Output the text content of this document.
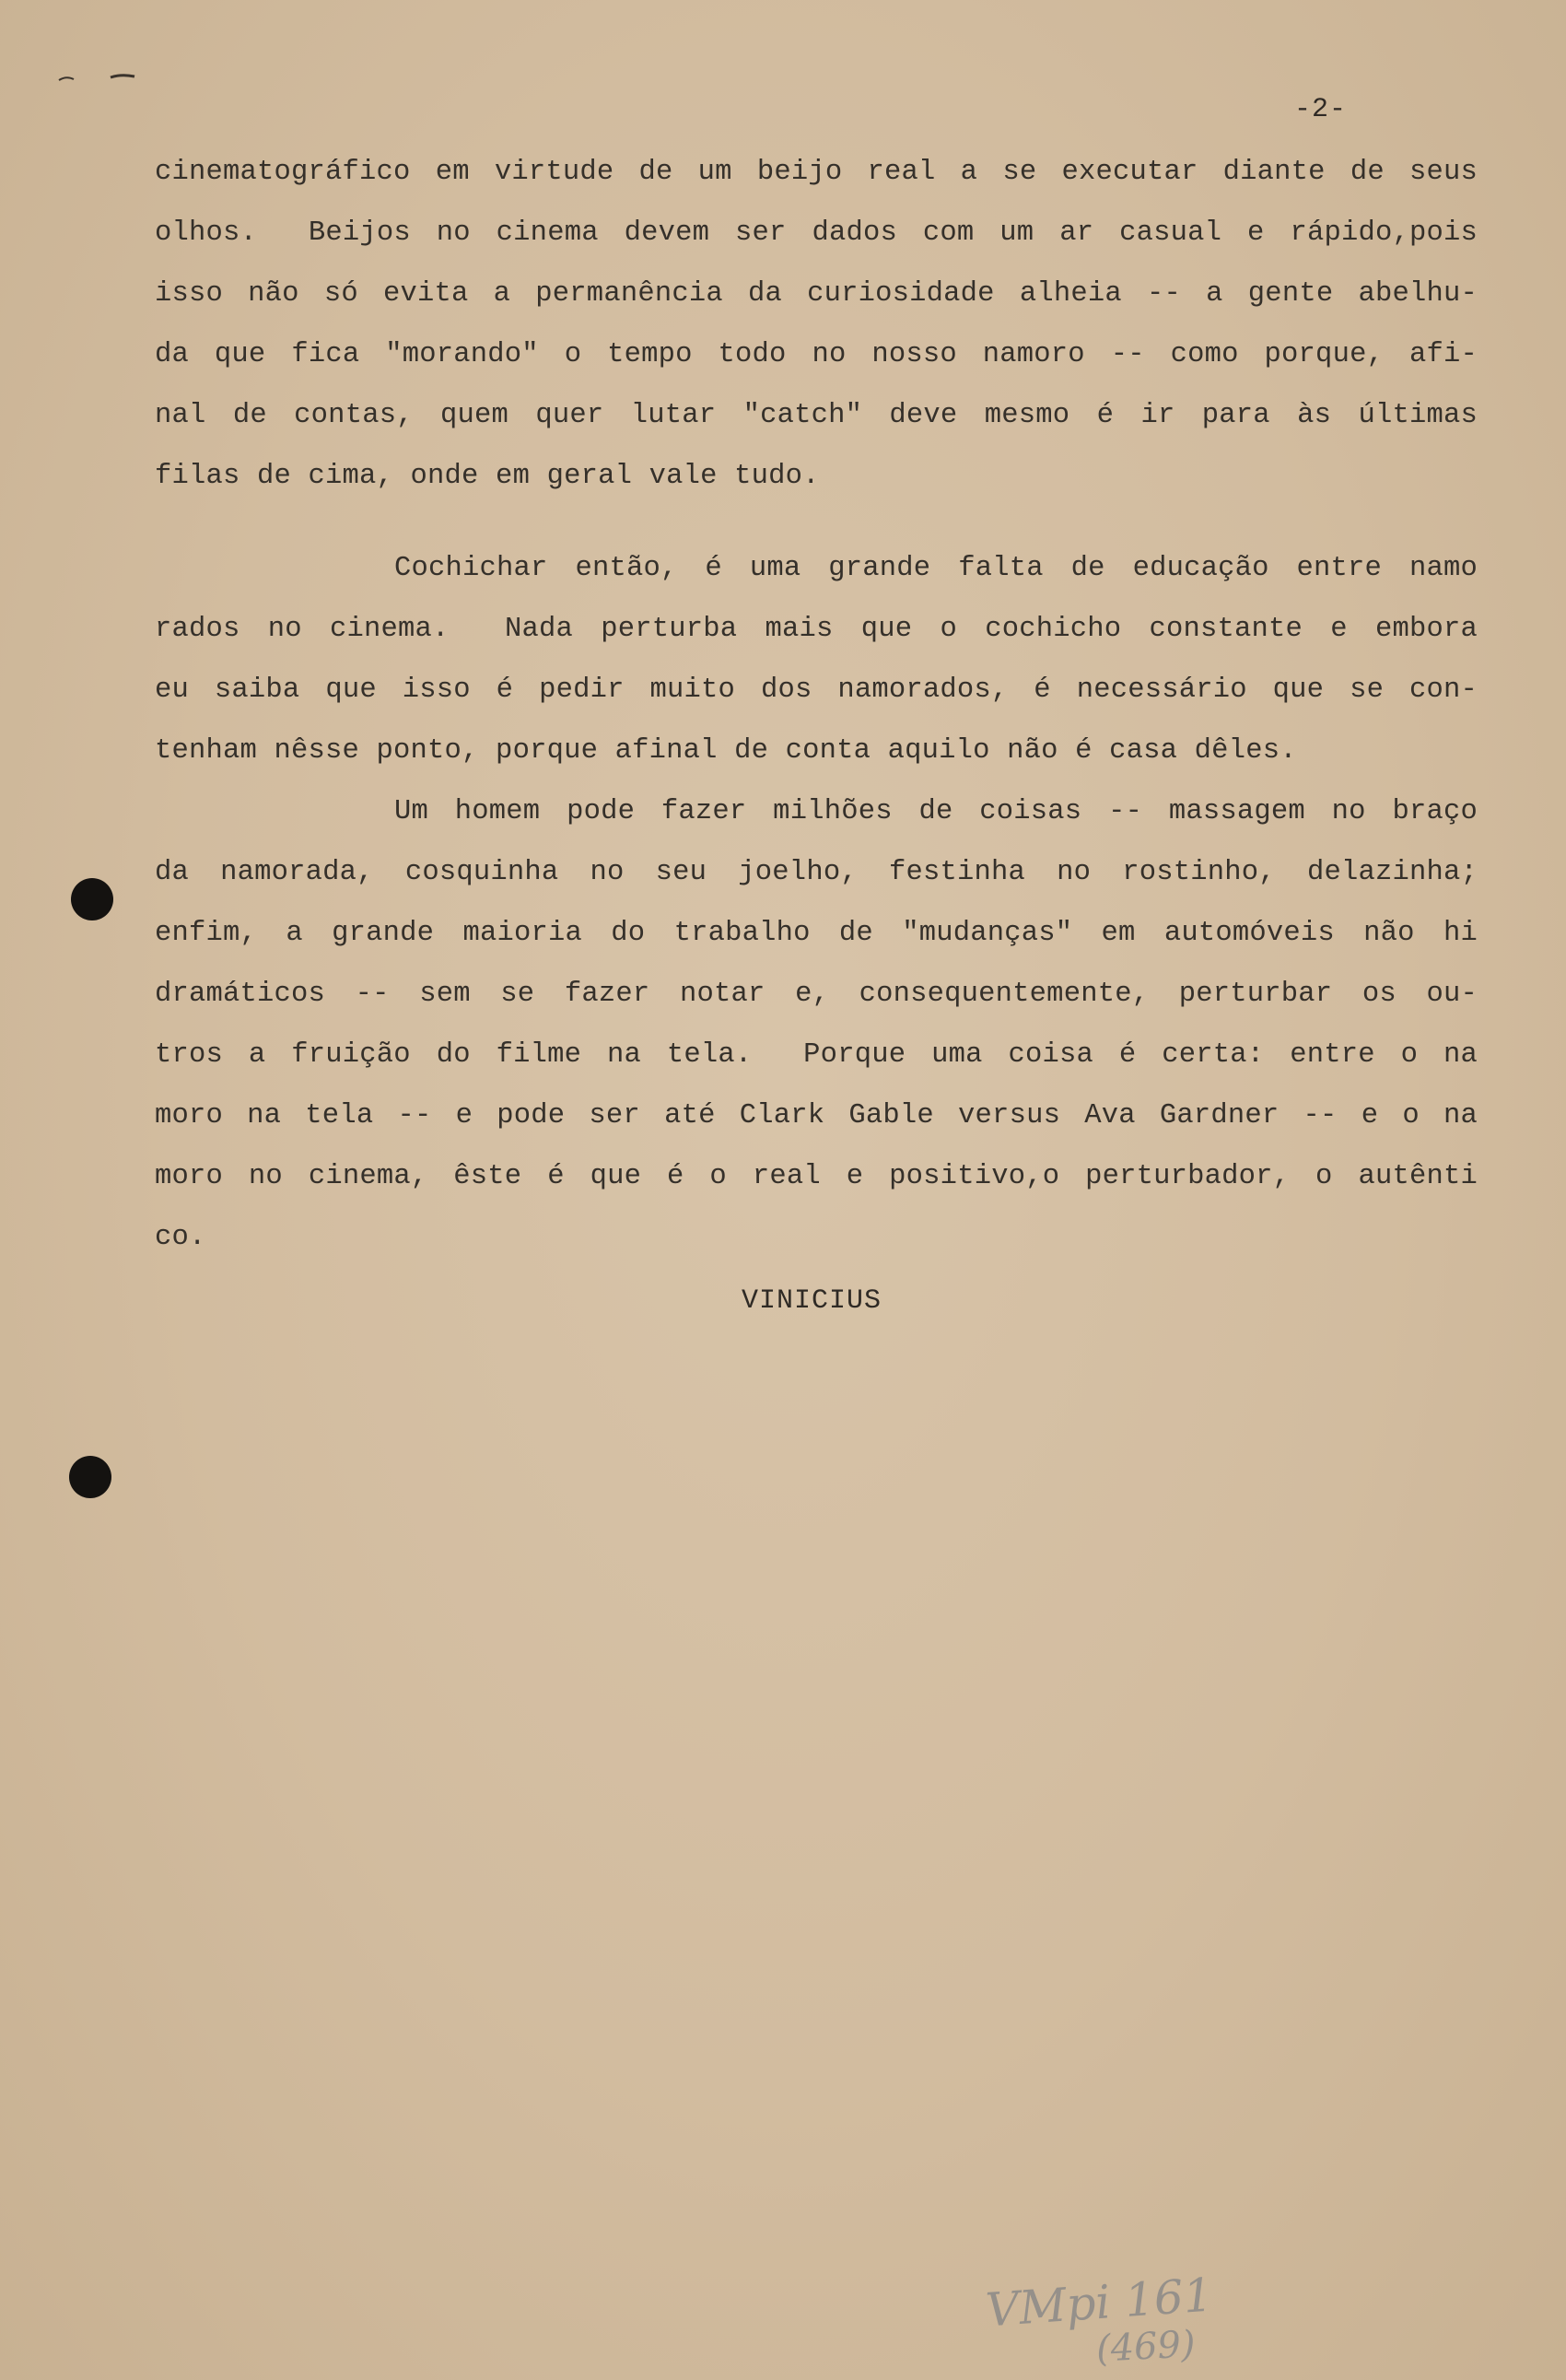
-2-
cinematográfico em virtude de um beijo real a se executar diante de seus
olhos.  Beijos no cinema devem ser dados com um ar casual e rápido,pois
isso não só evita a permanência da curiosidade alheia -- a gente abelhu-
da que fica "morando" o tempo todo no nosso namoro -- como porque, afi-
nal de contas, quem quer lutar "catch" deve mesmo é ir para às últimas
filas de cima, onde em geral vale tudo.
Cochichar então, é uma grande falta de educação entre namo
rados no cinema.  Nada perturba mais que o cochicho constante e embora
eu saiba que isso é pedir muito dos namorados, é necessário que se con-
tenham nêsse ponto, porque afinal de conta aquilo não é casa dêles.
Um homem pode fazer milhões de coisas -- massagem no braço
da namorada, cosquinha no seu joelho, festinha no rostinho, delazinha;
enfim, a grande maioria do trabalho de "mudanças" em automóveis não hi
dramáticos -- sem se fazer notar e, consequentemente, perturbar os ou-
tros a fruição do filme na tela.  Porque uma coisa é certa: entre o na
moro na tela -- e pode ser até Clark Gable versus Ava Gardner -- e o na
moro no cinema, êste é que é o real e positivo,o perturbador, o autênti
co.
VINICIUS
VMpi 161
(469)
